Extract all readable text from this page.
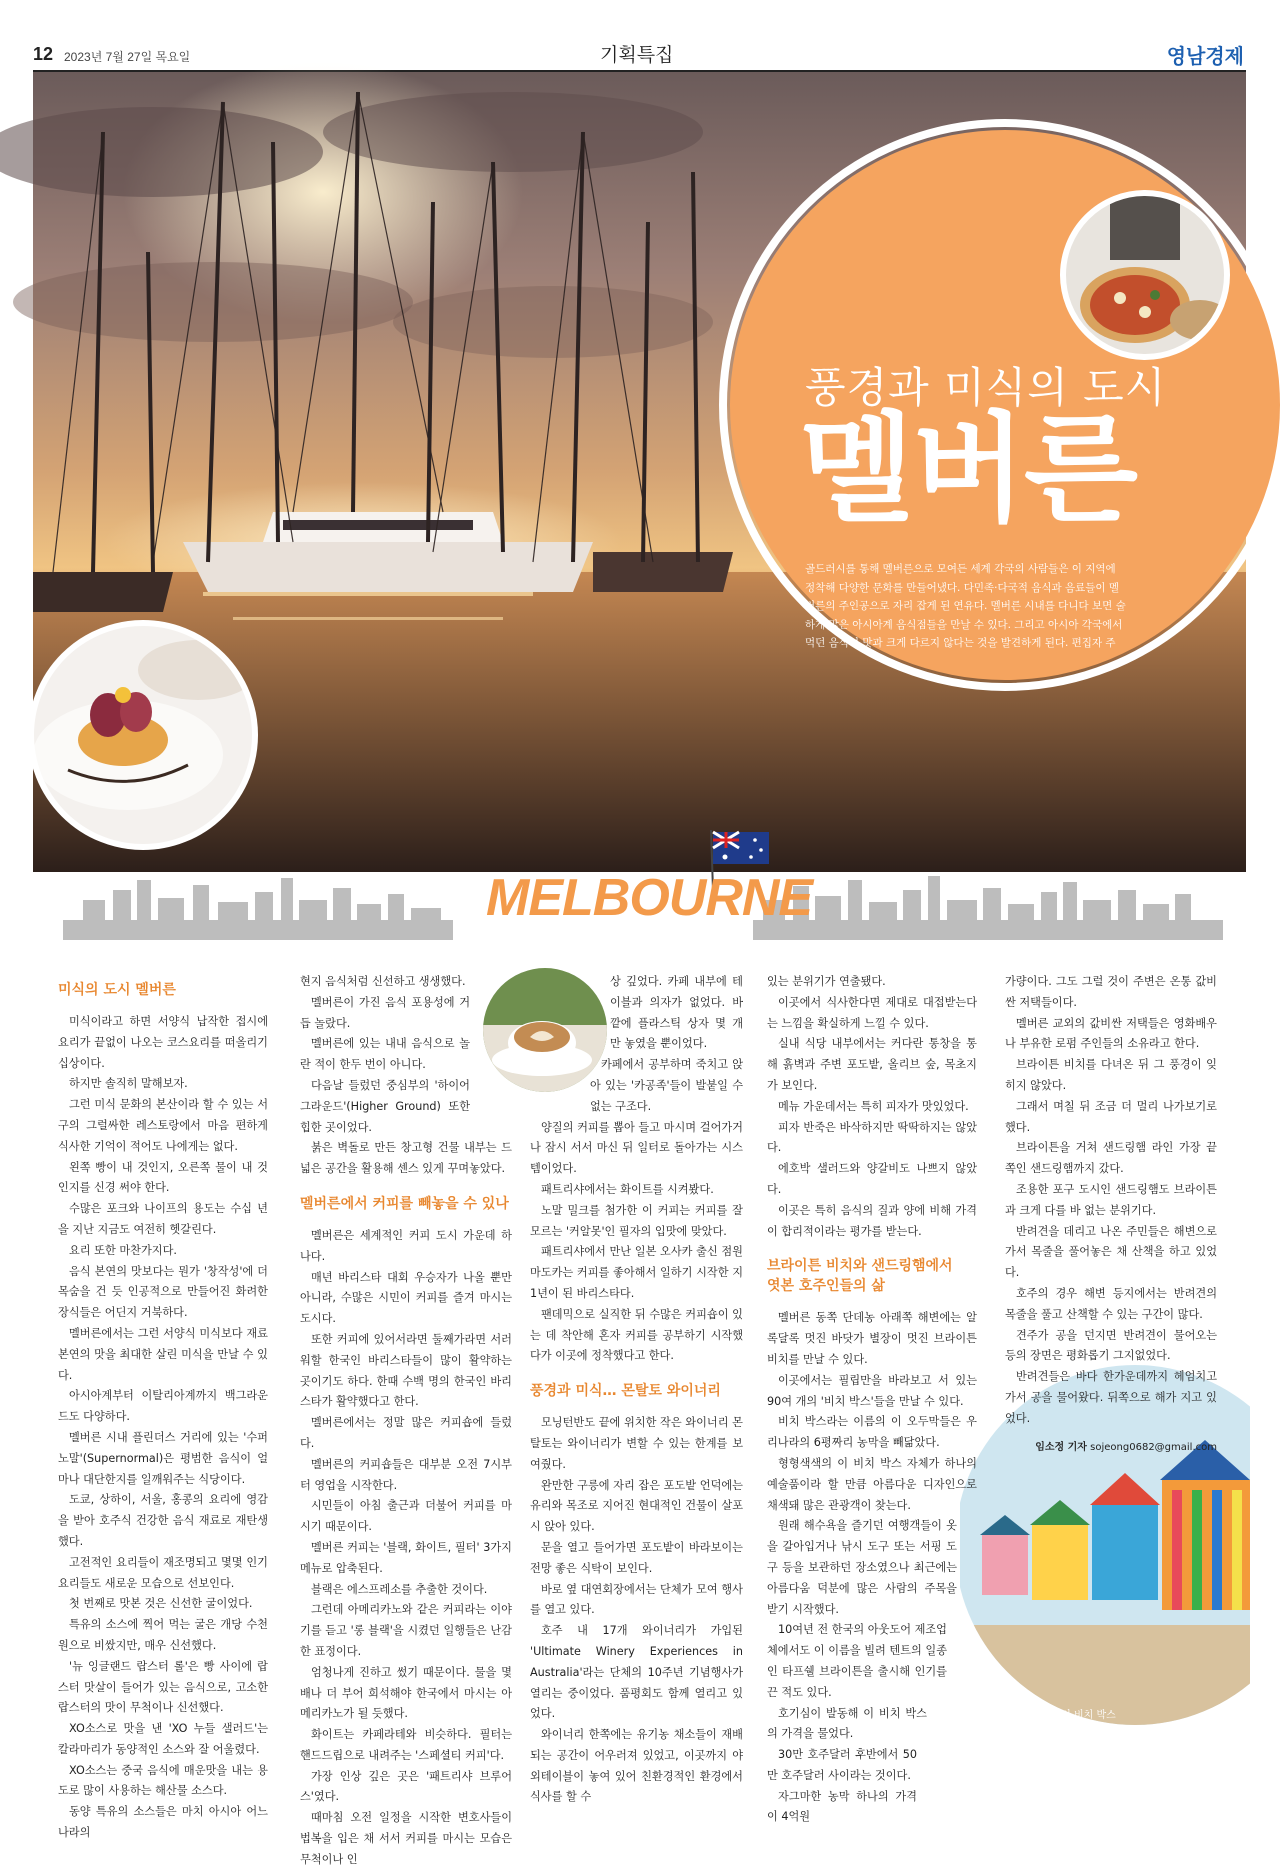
12 2023년 7월 27일 목요일	기획특집	영남경제
풍경과 미식의 도시
멜버른
골드러시를 통해 멜버른으로 모여든 세계 각국의 사람들은 이 지역에 정착해 다양한 문화를 만들어냈다. 다민족·다국적 음식과 음료들이 멜버른의 주인공으로 자리 잡게 된 연유다. 멜버른 시내를 다니다 보면 술하게 많은 아시아계 음식점들을 만날 수 있다. 그리고 아시아 각국에서 먹던 음식의 맛과 크게 다르지 않다는 것을 발견하게 된다. 편집자 주
MELBOURNE
브라이튼 비치의 비치 박스
미식의 도시 멜버른

미식이라고 하면 서양식 납작한 접시에 요리가 끝없이 나오는 코스요리를 떠올리기 십상이다.

하지만 솔직히 말해보자.

그런 미식 문화의 본산이라 할 수 있는 서구의 그럴싸한 레스토랑에서 마음 편하게 식사한 기억이 적어도 나에게는 없다.

왼쪽 빵이 내 것인지, 오른쪽 물이 내 것인지를 신경 써야 한다.

수많은 포크와 나이프의 용도는 수십 년을 지난 지금도 여전히 헷갈린다.

요리 또한 마찬가지다.

음식 본연의 맛보다는 뭔가 '창작성'에 더 목숨을 건 듯 인공적으로 만들어진 화려한 장식들은 어딘지 거북하다.

멜버른에서는 그런 서양식 미식보다 재료 본연의 맛을 최대한 살린 미식을 만날 수 있다.

아시아계부터 이탈리아계까지 백그라운드도 다양하다.

멜버른 시내 플린더스 거리에 있는 '수퍼노말'(Supernormal)은 평범한 음식이 얼마나 대단한지를 일깨워주는 식당이다.

도쿄, 상하이, 서울, 홍콩의 요리에 영감을 받아 호주식 건강한 음식 재료로 재탄생했다.

고전적인 요리들이 재조명되고 몇몇 인기 요리들도 새로운 모습으로 선보인다.

첫 번째로 맛본 것은 신선한 굴이었다.

특유의 소스에 찍어 먹는 굴은 개당 수천 원으로 비쌌지만, 매우 신선했다.

'뉴 잉글랜드 랍스터 롤'은 빵 사이에 랍스터 맛살이 들어가 있는 음식으로, 고소한 랍스터의 맛이 무척이나 신선했다.

XO소스로 맛을 낸 'XO 누들 샐러드'는 칼라마리가 동양적인 소스와 잘 어울렸다.

XO소스는 중국 음식에 매운맛을 내는 용도로 많이 사용하는 해산물 소스다.

동양 특유의 소스들은 마치 아시아 어느 나라의

현지 음식처럼 신선하고 생생했다.

멜버른이 가진 음식 포용성에 거듭 놀랐다.

멜버른에 있는 내내 음식으로 놀란 적이 한두 번이 아니다.

다음날 들렀던 중심부의 '하이어 그라운드'(Higher Ground) 또한 힙한 곳이었다.

붉은 벽돌로 만든 창고형 건물 내부는 드넓은 공간을 활용해 센스 있게 꾸며놓았다.

멜버른에서 커피를 빼놓을 수 있나

멜버른은 세계적인 커피 도시 가운데 하나다.

매년 바리스타 대회 우승자가 나올 뿐만 아니라, 수많은 시민이 커피를 즐겨 마시는 도시다.

또한 커피에 있어서라면 둘째가라면 서러워할 한국인 바리스타들이 많이 활약하는 곳이기도 하다. 한때 수백 명의 한국인 바리스타가 활약했다고 한다.

멜버른에서는 정말 많은 커피숍에 들렀다.

멜버른의 커피숍들은 대부분 오전 7시부터 영업을 시작한다.

시민들이 아침 출근과 더불어 커피를 마시기 때문이다.

멜버른 커피는 '블랙, 화이트, 필터' 3가지 메뉴로 압축된다.

블랙은 에스프레소를 추출한 것이다.

그런데 아메리카노와 같은 커피라는 이야기를 듣고 '롱 블랙'을 시켰던 일행들은 난감한 표정이다.

엄청나게 진하고 썼기 때문이다. 물을 몇 배나 더 부어 희석해야 한국에서 마시는 아메리카노가 될 듯했다.

화이트는 카페라테와 비슷하다. 필터는 핸드드립으로 내려주는 '스페셜티 커피'다.

가장 인상 깊은 곳은 '패트리샤 브루어스'였다.

때마침 오전 일정을 시작한 변호사들이 법복을 입은 채 서서 커피를 마시는 모습은 무척이나 인

상 깊었다. 카페 내부에 테이블과 의자가 없었다. 바깥에 플라스틱 상자 몇 개만 놓였을 뿐이었다.

카페에서 공부하며 죽치고 앉아 있는 '카공족'들이 발붙일 수 없는 구조다.

양질의 커피를 뽑아 들고 마시며 걸어가거나 잠시 서서 마신 뒤 일터로 돌아가는 시스템이었다.

패트리샤에서는 화이트를 시켜봤다.

노말 밀크를 첨가한 이 커피는 커피를 잘 모르는 '커알못'인 필자의 입맛에 맞았다.

패트리샤에서 만난 일본 오사카 출신 점원 마도카는 커피를 좋아해서 일하기 시작한 지 1년이 된 바리스타다.

팬데믹으로 실직한 뒤 수많은 커피숍이 있는 데 착안해 혼자 커피를 공부하기 시작했다가 이곳에 정착했다고 한다.

풍경과 미식… 몬탈토 와이너리

모닝턴반도 끝에 위치한 작은 와이너리 몬탈토는 와이너리가 변할 수 있는 한계를 보여줬다.

완만한 구릉에 자리 잡은 포도밭 언덕에는 유리와 목조로 지어진 현대적인 건물이 살포시 앉아 있다.

문을 열고 들어가면 포도밭이 바라보이는 전망 좋은 식탁이 보인다.

바로 옆 대연회장에서는 단체가 모여 행사를 열고 있다.

호주 내 17개 와이너리가 가입된 'Ultimate Winery Experiences in Australia'라는 단체의 10주년 기념행사가 열리는 중이었다. 품평회도 함께 열리고 있었다.

와이너리 한쪽에는 유기농 채소들이 재배되는 공간이 어우러져 있었고, 이곳까지 야외테이블이 놓여 있어 친환경적인 환경에서 식사를 할 수

있는 분위기가 연출됐다.

이곳에서 식사한다면 제대로 대접받는다는 느낌을 확실하게 느낄 수 있다.

실내 식당 내부에서는 커다란 통창을 통해 흙벽과 주변 포도밭, 올리브 숲, 목초지가 보인다.

메뉴 가운데서는 특히 피자가 맛있었다.

피자 반죽은 바삭하지만 딱딱하지는 않았다.

에호박 샐러드와 양갈비도 나쁘지 않았다.

이곳은 특히 음식의 질과 양에 비해 가격이 합리적이라는 평가를 받는다.

브라이튼 비치와 샌드링햄에서
엿본 호주인들의 삶

멜버른 동쪽 단데농 아래쪽 해변에는 알록달록 멋진 바닷가 별장이 멋진 브라이튼 비치를 만날 수 있다.

이곳에서는 필립만을 바라보고 서 있는 90여 개의 '비치 박스'들을 만날 수 있다.

비치 박스라는 이름의 이 오두막들은 우리나라의 6평짜리 농막을 빼닮았다.

형형색색의 이 비치 박스 자체가 하나의 예술품이라 할 만큼 아름다운 디자인으로 채색돼 많은 관광객이 찾는다.

원래 해수욕을 즐기던 여행객들이 옷을 갈아입거나 낚시 도구 또는 서핑 도구 등을 보관하던 장소였으나 최근에는 아름다움 덕분에 많은 사람의 주목을 받기 시작했다.

10여년 전 한국의 아웃도어 제조업체에서도 이 이름을 빌려 텐트의 일종인 타프쉘 브라이튼을 출시해 인기를 끈 적도 있다.

호기심이 발동해 이 비치 박스의 가격을 물었다.

30만 호주달러 후반에서 50만 호주달러 사이라는 것이다.

자그마한 농막 하나의 가격이 4억원

가량이다. 그도 그럴 것이 주변은 온통 값비싼 저택들이다.

멜버른 교외의 값비싼 저택들은 영화배우나 부유한 로펌 주인들의 소유라고 한다.

브라이튼 비치를 다녀온 뒤 그 풍경이 잊히지 않았다.

그래서 며칠 뒤 조금 더 멀리 나가보기로 했다.

브라이튼을 거쳐 샌드링햄 라인 가장 끝 쪽인 샌드링햄까지 갔다.

조용한 포구 도시인 샌드링햄도 브라이튼과 크게 다를 바 없는 분위기다.

반려견을 데리고 나온 주민들은 해변으로 가서 목줄을 풀어놓은 채 산책을 하고 있었다.

호주의 경우 해변 등지에서는 반려견의 목줄을 풀고 산책할 수 있는 구간이 많다.

견주가 공을 던지면 반려견이 물어오는 등의 장면은 평화롭기 그지없었다.

반려견들은 바다 한가운데까지 헤엄치고 가서 공을 물어왔다. 뒤쪽으로 해가 지고 있었다.

임소정 기자 sojeong0682@gmail.com
